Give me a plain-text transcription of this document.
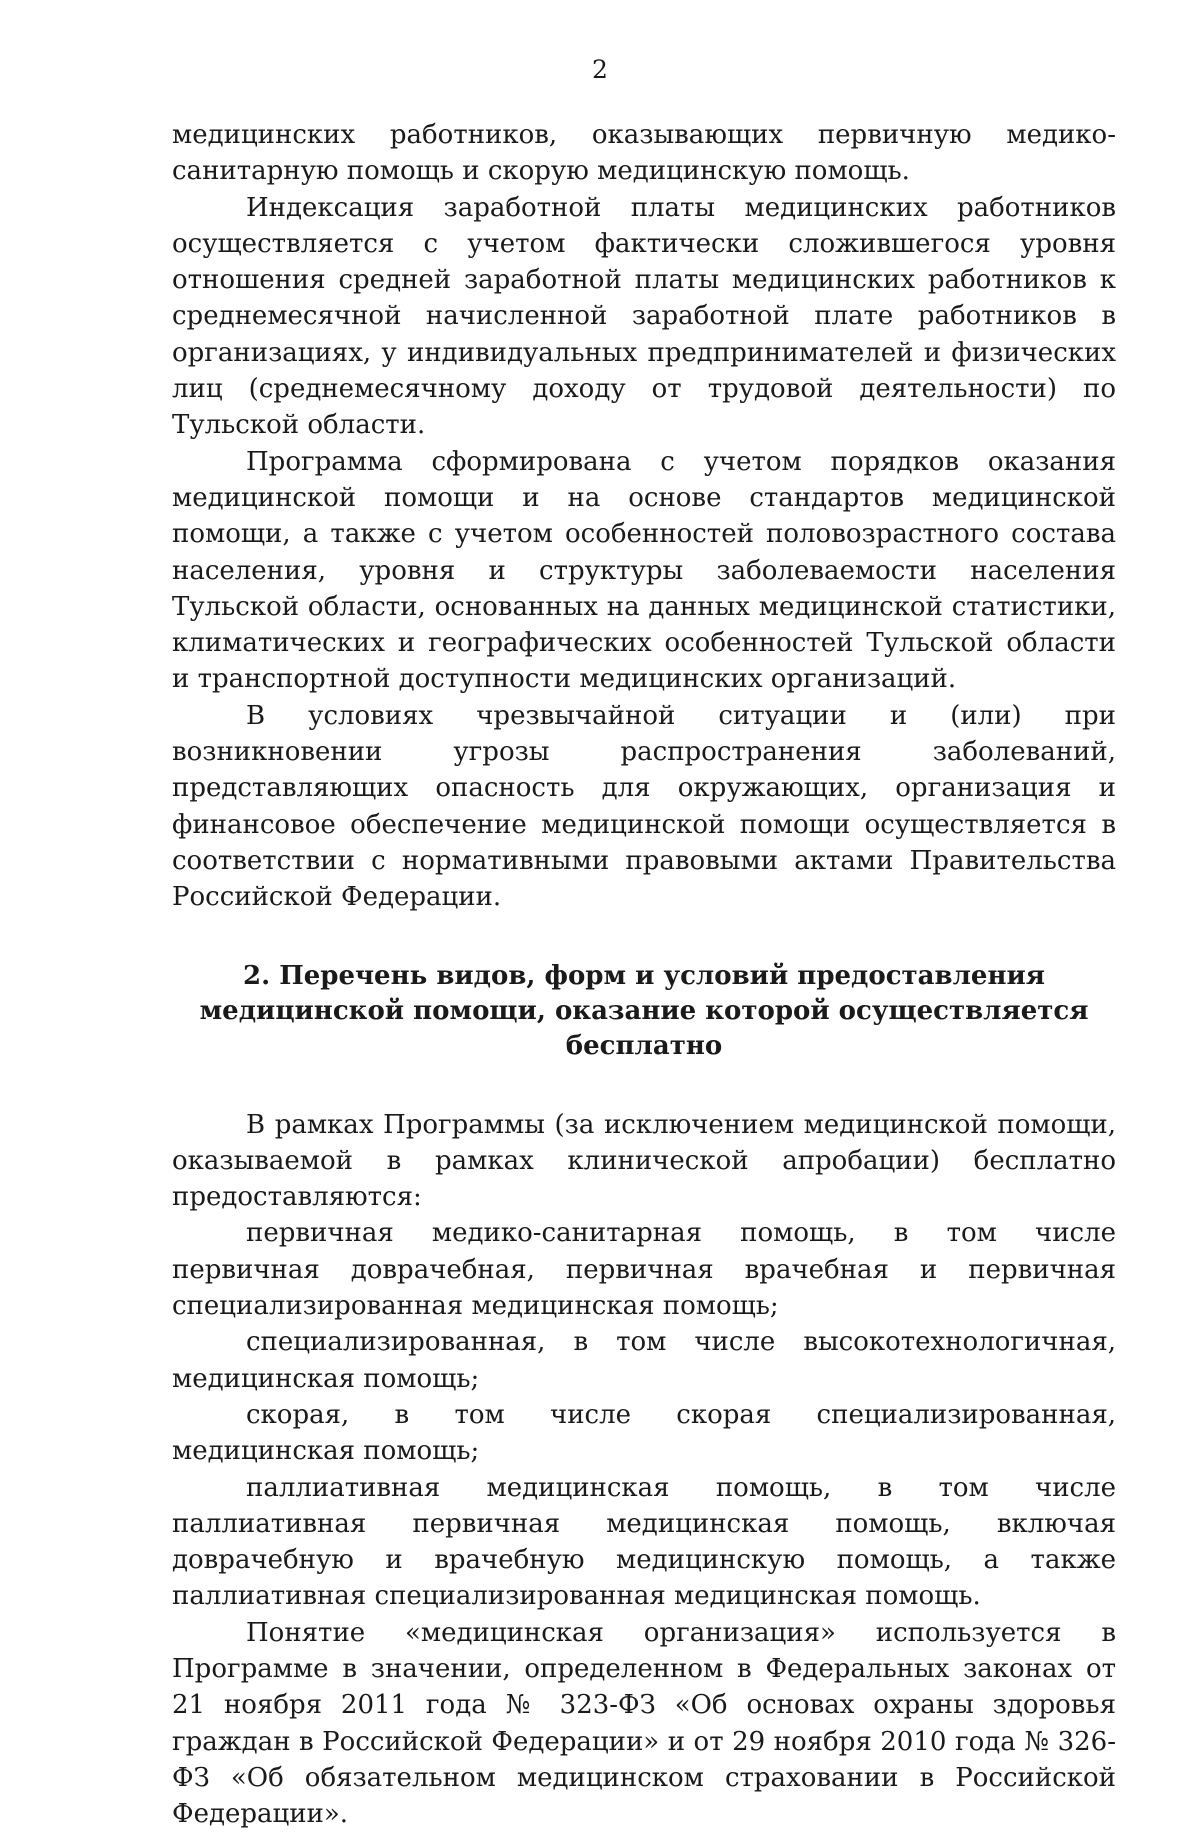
2

медицинских работников, оказывающих первичную медико-санитарную помощь и скорую медицинскую помощь.

Индексация заработной платы медицинских работников осуществляется с учетом фактически сложившегося уровня отношения средней заработной платы медицинских работников к среднемесячной начисленной заработной плате работников в организациях, у индивидуальных предпринимателей и физических лиц (среднемесячному доходу от трудовой деятельности) по Тульской области.

Программа сформирована с учетом порядков оказания медицинской помощи и на основе стандартов медицинской помощи, а также с учетом особенностей половозрастного состава населения, уровня и структуры заболеваемости населения Тульской области, основанных на данных медицинской статистики, климатических и географических особенностей Тульской области и транспортной доступности медицинских организаций.

В условиях чрезвычайной ситуации и (или) при возникновении угрозы распространения заболеваний, представляющих опасность для окружающих, организация и финансовое обеспечение медицинской помощи осуществляется в соответствии с нормативными правовыми актами Правительства Российской Федерации.

2. Перечень видов, форм и условий предоставления
медицинской помощи, оказание которой осуществляется бесплатно

В рамках Программы (за исключением медицинской помощи, оказываемой в рамках клинической апробации) бесплатно предоставляются:

первичная медико-санитарная помощь, в том числе первичная доврачебная, первичная врачебная и первичная специализированная медицинская помощь;

специализированная, в том числе высокотехнологичная, медицинская помощь;

скорая, в том числе скорая специализированная, медицинская помощь;

паллиативная медицинская помощь, в том числе паллиативная первичная медицинская помощь, включая доврачебную и врачебную медицинскую помощь, а также паллиативная специализированная медицинская помощь.

Понятие «медицинская организация» используется в Программе в значении, определенном в Федеральных законах от 21 ноября 2011 года № 323-ФЗ «Об основах охраны здоровья граждан в Российской Федерации» и от 29 ноября 2010 года № 326-ФЗ «Об обязательном медицинском страховании в Российской Федерации».
